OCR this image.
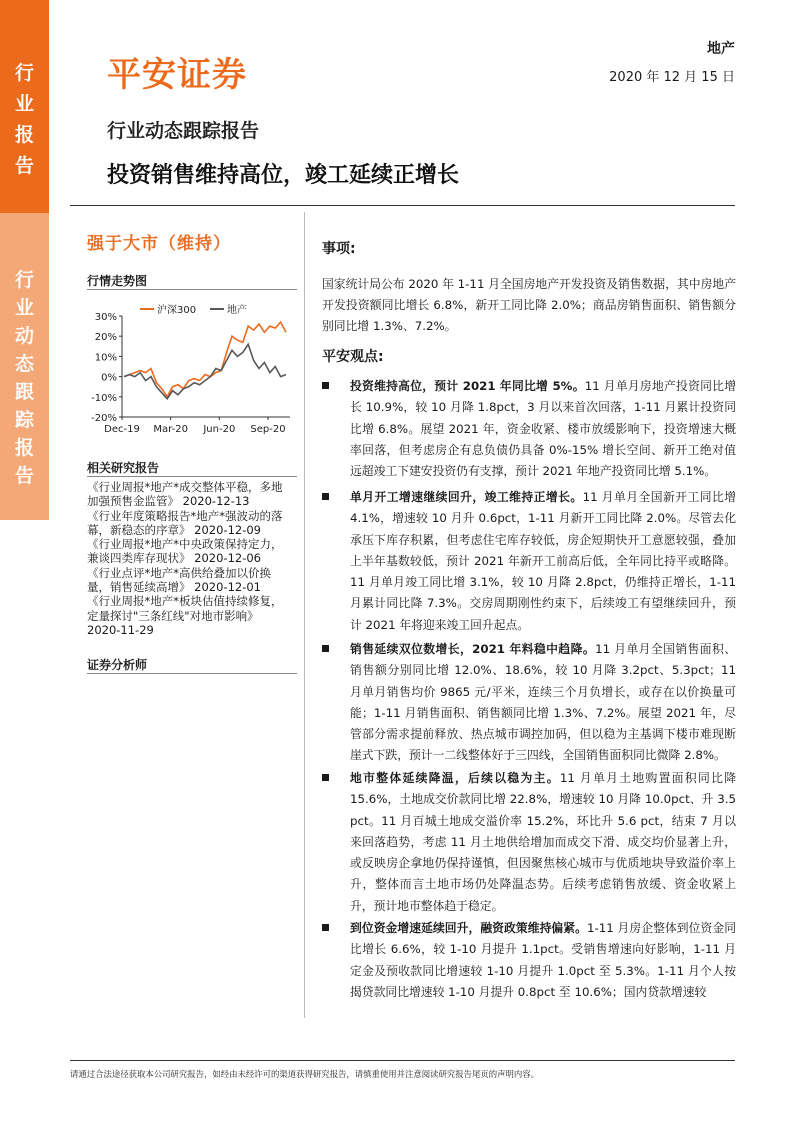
行
业
报
告
行
业
动
态
跟
踪
报
告
平安证券
地产
2020 年 12 月 15 日
行业动态跟踪报告
投资销售维持高位，竣工延续正增长
强于大市（维持）
行情走势图
30%
20%
10%
0%
-10%
-20%
Dec-19 Mar-20 Jun-20 Sep-20
沪深300	地产
相关研究报告

《行业周报*地产*成交整体平稳，多地加强预售金监管》 2020-12-13

《行业年度策略报告*地产*强波动的落幕，新稳态的序章》 2020-12-09

《行业周报*地产*中央政策保持定力，兼谈四类库存现状》 2020-12-06

《行业点评*地产*高供给叠加以价换量，销售延续高增》 2020-12-01

《行业周报*地产*板块估值持续修复，定量探讨"三条红线"对地市影响》 2020-11-29

证券分析师
事项:
国家统计局公布 2020 年 1-11 月全国房地产开发投资及销售数据，其中房地产开发投资额同比增长 6.8%，新开工同比降 2.0%；商品房销售面积、销售额分别同比增 1.3%、7.2%。
平安观点:
投资维持高位，预计 2021 年同比增 5%。11 月单月房地产投资同比增长 10.9%，较 10 月降 1.8pct，3 月以来首次回落，1-11 月累计投资同比增 6.8%。展望 2021 年，资金收紧、楼市放缓影响下，投资增速大概率回落，但考虑房企有息负债仍具备 0%-15% 增长空间、新开工绝对值远超竣工下建安投资仍有支撑，预计 2021 年地产投资同比增 5.1%。
单月开工增速继续回升，竣工维持正增长。11 月单月全国新开工同比增 4.1%，增速较 10 月升 0.6pct，1-11 月新开工同比降 2.0%。尽管去化承压下库存积累，但考虑住宅库存较低，房企短期快开工意愿较强，叠加上半年基数较低，预计 2021 年新开工前高后低，全年同比持平或略降。11 月单月竣工同比增 3.1%，较 10 月降 2.8pct，仍维持正增长，1-11 月累计同比降 7.3%。交房周期刚性约束下，后续竣工有望继续回升，预计 2021 年将迎来竣工回升起点。
销售延续双位数增长，2021 年料稳中趋降。11 月单月全国销售面积、销售额分别同比增 12.0%、18.6%，较 10 月降 3.2pct、5.3pct；11 月单月销售均价 9865 元/平米，连续三个月负增长，或存在以价换量可能；1-11 月销售面积、销售额同比增 1.3%、7.2%。展望 2021 年，尽管部分需求提前释放、热点城市调控加码，但以稳为主基调下楼市难现断崖式下跌，预计一二线整体好于三四线，全国销售面积同比微降 2.8%。
地市整体延续降温，后续以稳为主。11 月单月土地购置面积同比降 15.6%，土地成交价款同比增 22.8%，增速较 10 月降 10.0pct、升 3.5 pct。11 月百城土地成交溢价率 15.2%，环比升 5.6 pct，结束 7 月以来回落趋势，考虑 11 月土地供给增加而成交下滑、成交均价显著上升，或反映房企拿地仍保持谨慎，但因聚焦核心城市与优质地块导致溢价率上升，整体而言土地市场仍处降温态势。后续考虑销售放缓、资金收紧上升，预计地市整体趋于稳定。
到位资金增速延续回升，融资政策维持偏紧。1-11 月房企整体到位资金同比增长 6.6%，较 1-10 月提升 1.1pct。受销售增速向好影响，1-11 月定金及预收款同比增速较 1-10 月提升 1.0pct 至 5.3%。1-11 月个人按揭贷款同比增速较 1-10 月提升 0.8pct 至 10.6%；国内贷款增速较
请通过合法途径获取本公司研究报告，如经由未经许可的渠道获得研究报告，请慎重使用并注意阅读研究报告尾页的声明内容。
